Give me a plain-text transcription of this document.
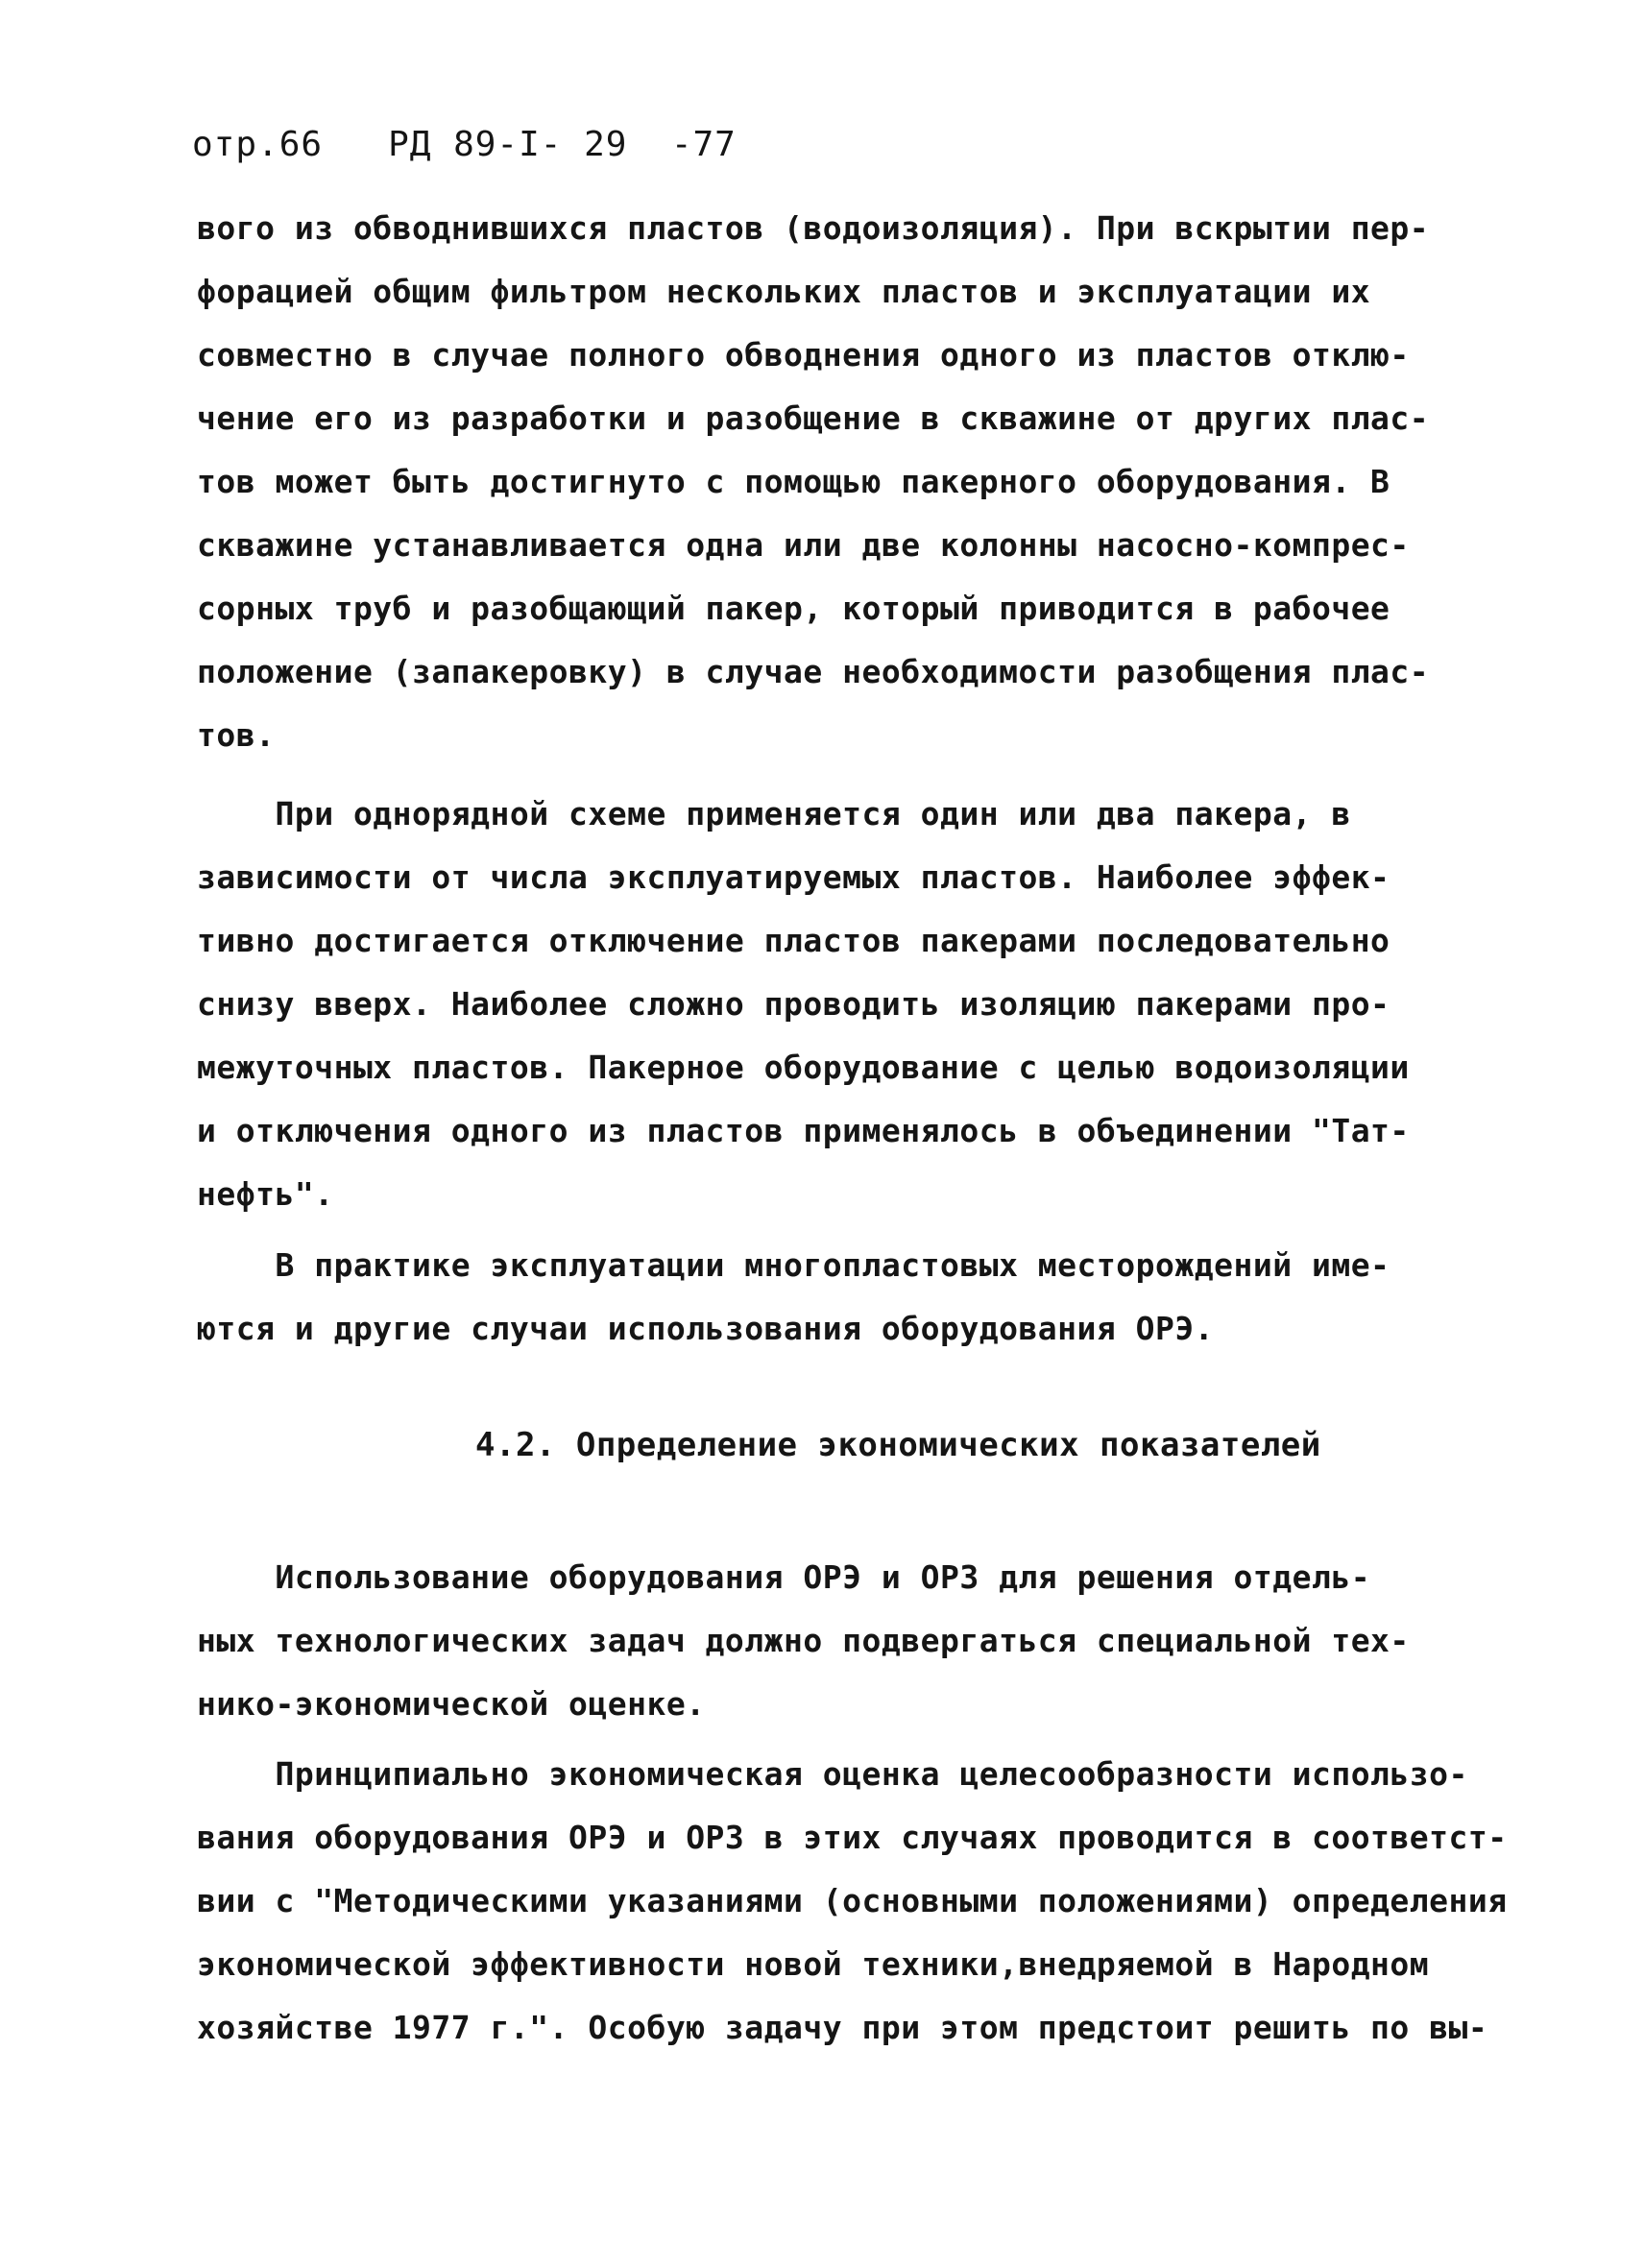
отр.66   РД 89-I- 29  -77
вого из обводнившихся пластов (водоизоляция). При вскрытии пер-
форацией общим фильтром нескольких пластов и эксплуатации их
совместно в случае полного обводнения одного из пластов отклю-
чение его из разработки и разобщение в скважине от других плас-
тов может быть достигнуто с помощью пакерного оборудования. В
скважине устанавливается одна или две колонны насосно-компрес-
сорных труб и разобщающий пакер, который приводится в рабочее
положение (запакеровку) в случае необходимости разобщения плас-
тов.
При однорядной схеме применяется один или два пакера, в
зависимости от числа эксплуатируемых пластов. Наиболее эффек-
тивно достигается отключение пластов пакерами последовательно
снизу вверх. Наиболее сложно проводить изоляцию пакерами про-
межуточных пластов. Пакерное оборудование с целью водоизоляции
и отключения одного из пластов применялось в объединении "Тат-
нефть".
В практике эксплуатации многопластовых месторождений име-
ются и другие случаи использования оборудования ОРЭ.
4.2. Определение экономических показателей
Использование оборудования ОРЭ и ОРЗ для решения отдель-
ных технологических задач должно подвергаться специальной тех-
нико-экономической оценке.
Принципиально экономическая оценка целесообразности использо-
вания оборудования ОРЭ и ОРЗ в этих случаях проводится в соответст-
вии с "Методическими указаниями (основными положениями) определения
экономической эффективности новой техники,внедряемой в Народном
хозяйстве 1977 г.". Особую задачу при этом предстоит решить по вы-
